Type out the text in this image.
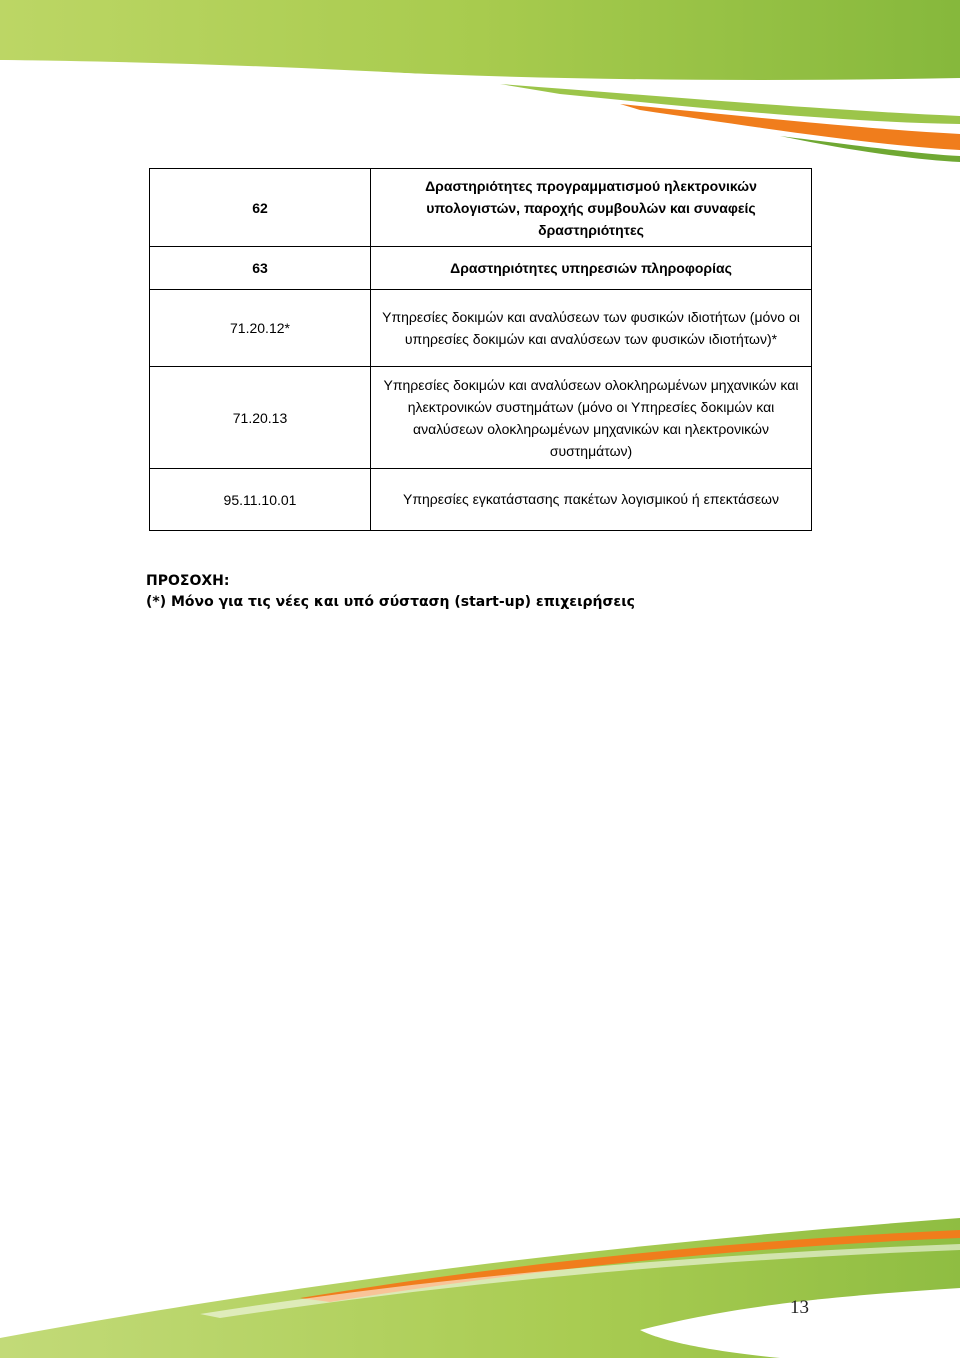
62	Δραστηριότητες προγραμματισμού ηλεκτρονικών υπολογιστών, παροχής συμβουλών και συναφείς δραστηριότητες
63	Δραστηριότητες υπηρεσιών πληροφορίας
71.20.12*	Υπηρεσίες δοκιμών και αναλύσεων των φυσικών ιδιοτήτων (μόνο οι υπηρεσίες δοκιμών και αναλύσεων των φυσικών ιδιοτήτων)*
71.20.13	Υπηρεσίες δοκιμών και αναλύσεων ολοκληρωμένων μηχανικών και ηλεκτρονικών συστημάτων (μόνο οι Υπηρεσίες δοκιμών και αναλύσεων ολοκληρωμένων μηχανικών και ηλεκτρονικών συστημάτων)
95.11.10.01	Υπηρεσίες εγκατάστασης πακέτων λογισμικού ή επεκτάσεων
ΠΡΟΣΟΧΗ:
(*) Μόνο για τις νέες και υπό σύσταση (start-up) επιχειρήσεις
13
